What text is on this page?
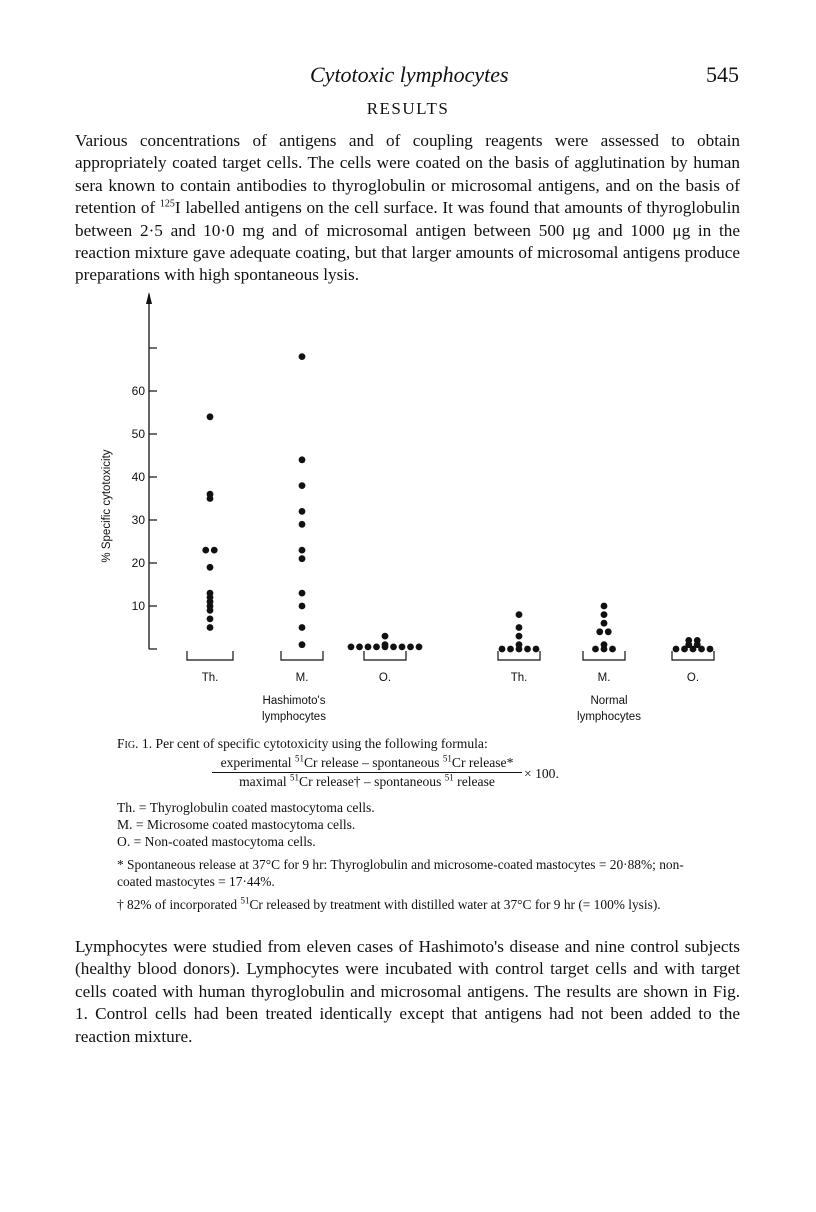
Cytotoxic lymphocytes	545
RESULTS

Various concentrations of antigens and of coupling reagents were assessed to obtain appropriately coated target cells. The cells were coated on the basis of agglutination by human sera known to contain antibodies to thyroglobulin or microsomal antigens, and on the basis of retention of $^{125}$I labelled antigens on the cell surface. It was found that amounts of thyroglobulin between 2·5 and 10·0 mg and of microsomal antigen between 500 μg and 1000 μg in the reaction mixture gave adequate coating, but that larger amounts of microsomal antigens produce preparations with high spontaneous lysis.

% Specific cytotoxicity
10
20
30
40
50
60
Th.	M.	O.	Th.	M.	O.
Hashimoto's
lymphocytes
Normal
lymphocytes
Fig. 1. Per cent of specific cytotoxicity using the following formula:
experimental $^{51}$Cr release – spontaneous $^{51}$Cr release*
maximal $^{51}$Cr release† – spontaneous $^{51}$ release
× 100.
Th. = Thyroglobulin coated mastocytoma cells.
M. = Microsome coated mastocytoma cells.
O. = Non-coated mastocytoma cells.
* Spontaneous release at 37°C for 9 hr: Thyroglobulin and microsome-coated mastocytes = 20·88%; non-coated mastocytes = 17·44%.
† 82% of incorporated $^{51}$Cr released by treatment with distilled water at 37°C for 9 hr (= 100% lysis).

Lymphocytes were studied from eleven cases of Hashimoto's disease and nine control subjects (healthy blood donors). Lymphocytes were incubated with control target cells and with target cells coated with human thyroglobulin and microsomal antigens. The results are shown in Fig. 1. Control cells had been treated identically except that antigens had not been added to the reaction mixture.
